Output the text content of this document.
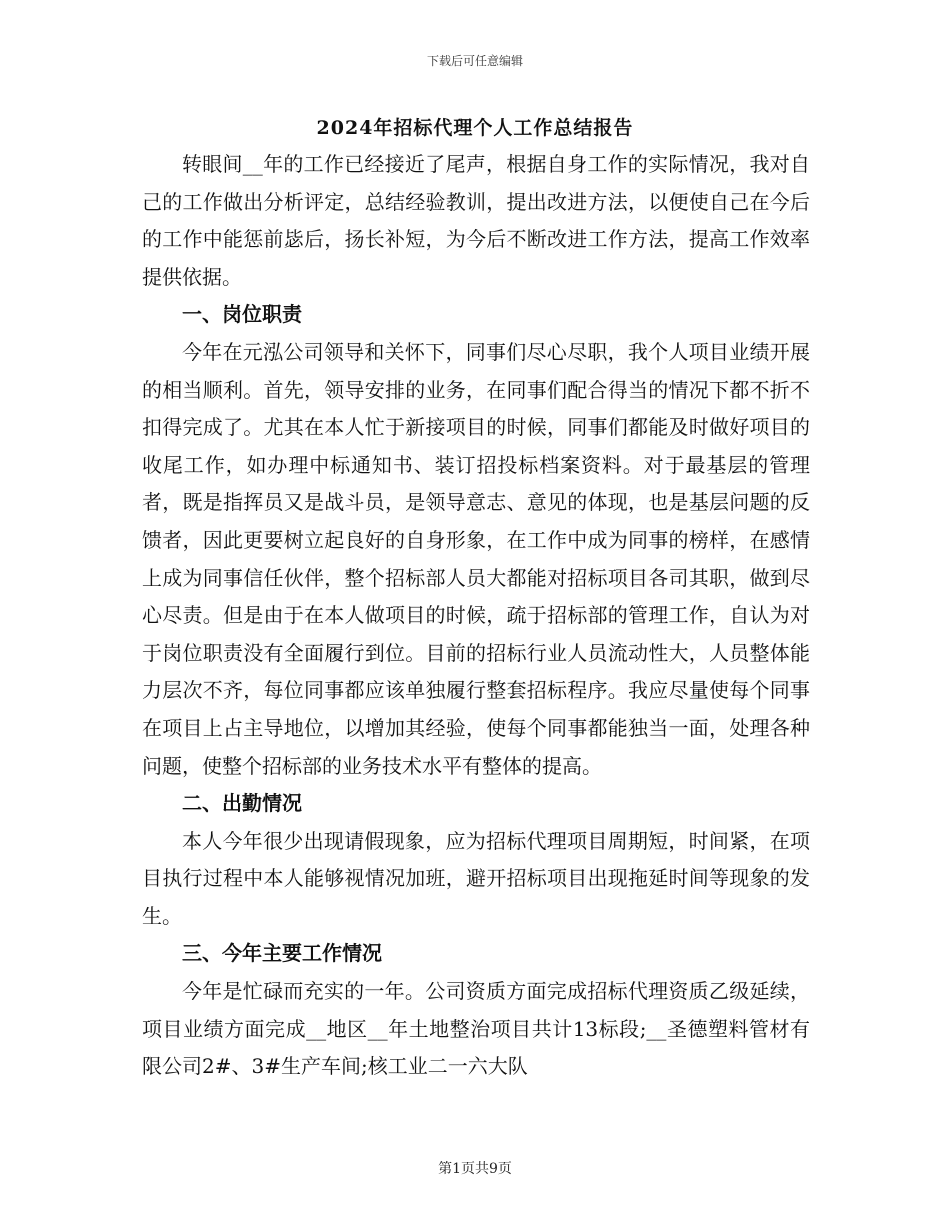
下载后可任意编辑
2024年招标代理个人工作总结报告

转眼间__年的工作已经接近了尾声，根据自身工作的实际情况，我对自己的工作做出分析评定，总结经验教训，提出改进方法，以便使自己在今后的工作中能惩前毖后，扬长补短，为今后不断改进工作方法，提高工作效率提供依据。

一、岗位职责

今年在元泓公司领导和关怀下，同事们尽心尽职，我个人项目业绩开展的相当顺利。首先，领导安排的业务，在同事们配合得当的情况下都不折不扣得完成了。尤其在本人忙于新接项目的时候，同事们都能及时做好项目的收尾工作，如办理中标通知书、装订招投标档案资料。对于最基层的管理者，既是指挥员又是战斗员，是领导意志、意见的体现，也是基层问题的反馈者，因此更要树立起良好的自身形象，在工作中成为同事的榜样，在感情上成为同事信任伙伴，整个招标部人员大都能对招标项目各司其职，做到尽心尽责。但是由于在本人做项目的时候，疏于招标部的管理工作，自认为对于岗位职责没有全面履行到位。目前的招标行业人员流动性大，人员整体能力层次不齐，每位同事都应该单独履行整套招标程序。我应尽量使每个同事在项目上占主导地位，以增加其经验，使每个同事都能独当一面，处理各种问题，使整个招标部的业务技术水平有整体的提高。

二、出勤情况

本人今年很少出现请假现象，应为招标代理项目周期短，时间紧，在项目执行过程中本人能够视情况加班，避开招标项目出现拖延时间等现象的发生。

三、今年主要工作情况

今年是忙碌而充实的一年。公司资质方面完成招标代理资质乙级延续，项目业绩方面完成__地区__年土地整治项目共计13标段;__圣德塑料管材有限公司2#、3#生产车间;核工业二一六大队

第1页共9页
